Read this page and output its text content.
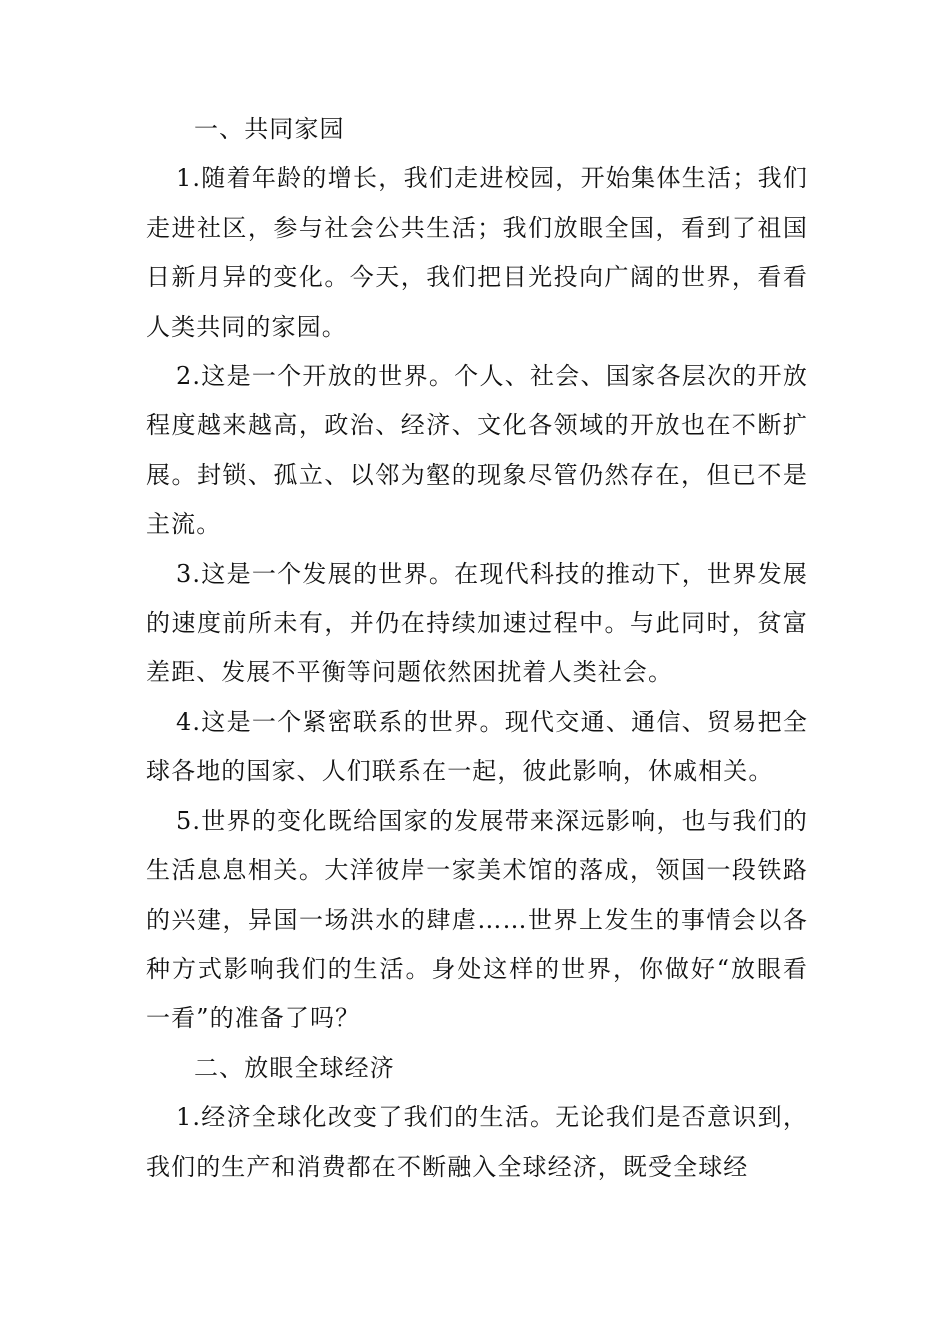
一、共同家园

1.随着年龄的增长，我们走进校园，开始集体生活；我们走进社区，参与社会公共生活；我们放眼全国，看到了祖国日新月异的变化。今天，我们把目光投向广阔的世界，看看人类共同的家园。

2.这是一个开放的世界。个人、社会、国家各层次的开放程度越来越高，政治、经济、文化各领域的开放也在不断扩展。封锁、孤立、以邻为壑的现象尽管仍然存在，但已不是主流。

3.这是一个发展的世界。在现代科技的推动下，世界发展的速度前所未有，并仍在持续加速过程中。与此同时，贫富差距、发展不平衡等问题依然困扰着人类社会。

4.这是一个紧密联系的世界。现代交通、通信、贸易把全球各地的国家、人们联系在一起，彼此影响，休戚相关。

5.世界的变化既给国家的发展带来深远影响，也与我们的生活息息相关。大洋彼岸一家美术馆的落成，领国一段铁路的兴建，异国一场洪水的肆虐……世界上发生的事情会以各种方式影响我们的生活。身处这样的世界，你做好“放眼看一看”的准备了吗？

二、放眼全球经济

1.经济全球化改变了我们的生活。无论我们是否意识到，我们的生产和消费都在不断融入全球经济，既受全球经
